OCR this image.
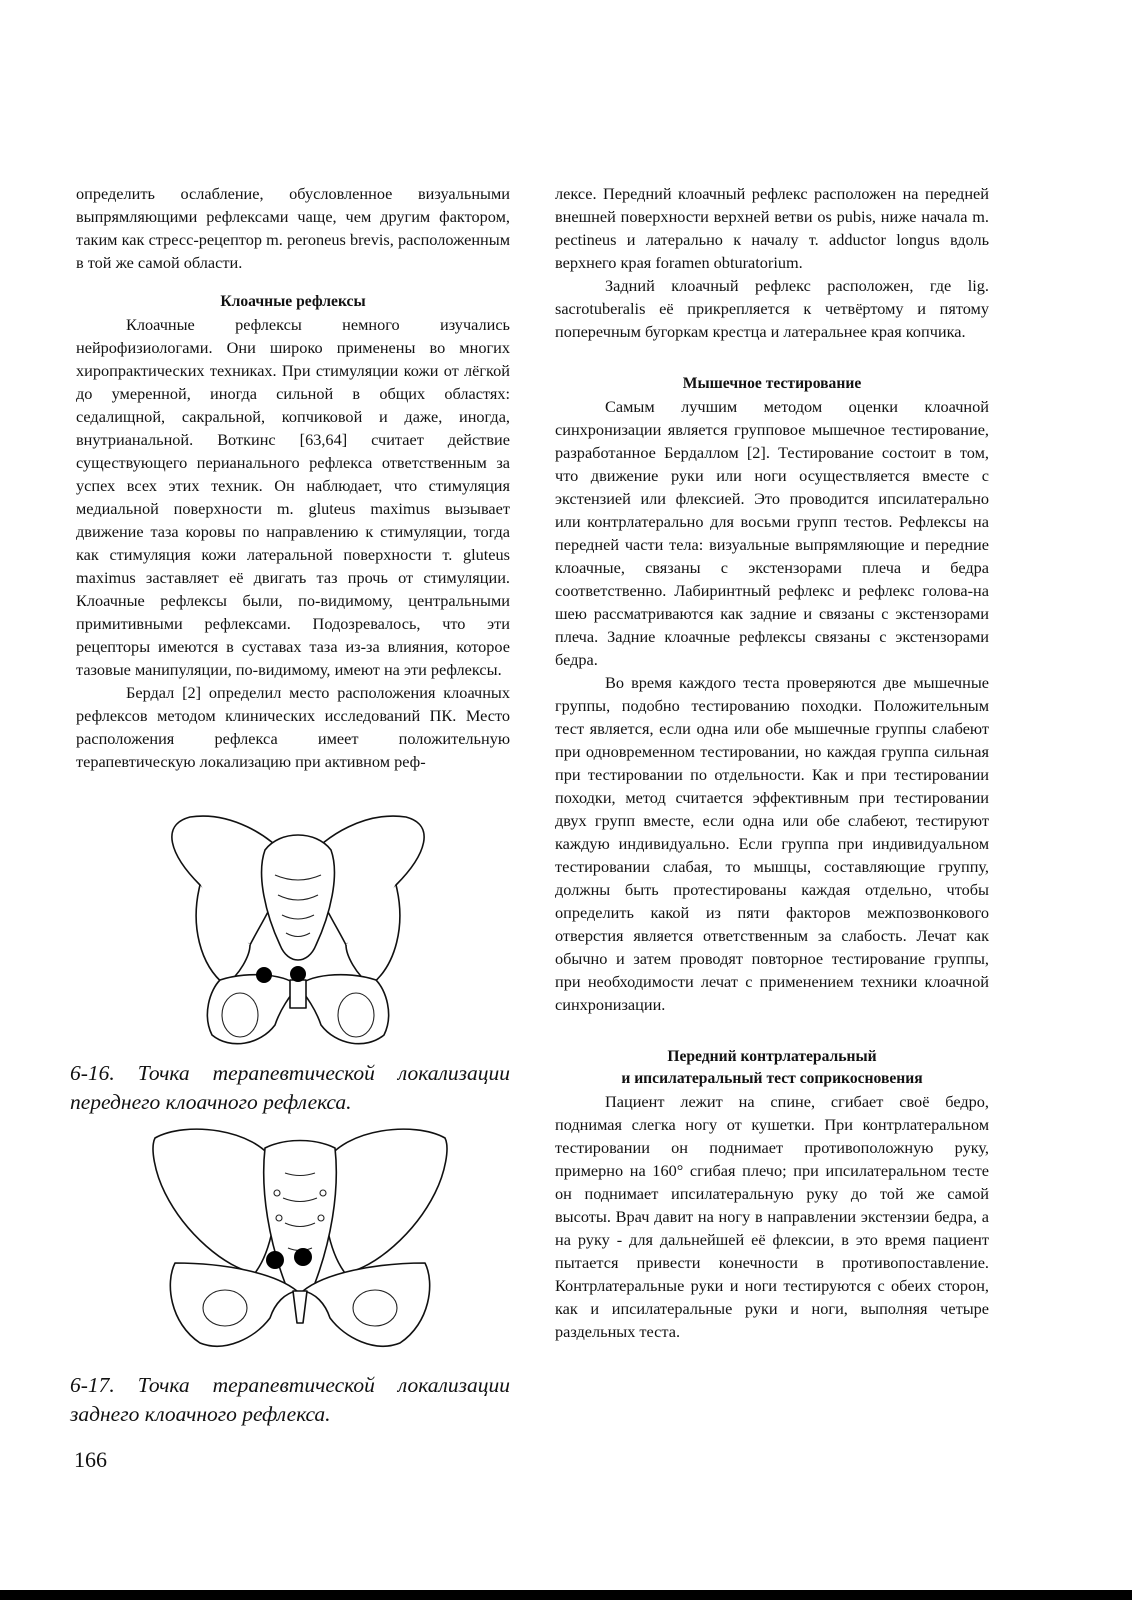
определить ослабление, обусловленное визуальными выпрямляющими рефлексами чаще, чем другим фактором, таким как стресс-рецептор m. peroneus brevis, расположенным в той же самой области.

Клоачные рефлексы

Клоачные рефлексы немного изучались нейрофизиологами. Они широко применены во многих хиропрактических техниках. При стимуляции кожи от лёгкой до умеренной, иногда сильной в общих областях: седалищной, сакральной, копчиковой и даже, иногда, внутрианальной. Воткинс [63,64] считает действие существующего перианального рефлекса ответственным за успех всех этих техник. Он наблюдает, что стимуляция медиальной поверхности m. gluteus maximus вызывает движение таза коровы по направлению к стимуляции, тогда как стимуляция кожи латеральной поверхности т. gluteus maximus заставляет её двигать таз прочь от стимуляции. Клоачные рефлексы были, по-видимому, центральными примитивными рефлексами. Подозревалось, что эти рецепторы имеются в суставах таза из-за влияния, которое тазовые манипуляции, по-видимому, имеют на эти рефлексы.

Бердал [2] определил место расположения клоачных рефлексов методом клинических исследований ПК. Место расположения рефлекса имеет положительную терапевтическую локализацию при активном реф-

лексе. Передний клоачный рефлекс расположен на передней внешней поверхности верхней ветви os pubis, ниже начала m. pectineus и латерально к началу т. adductor longus вдоль верхнего края foramen obturatorium.

Задний клоачный рефлекс расположен, где lig. sacrotuberalis её прикрепляется к четвёртому и пятому поперечным бугоркам крестца и латеральнее края копчика.

Мышечное тестирование

Самым лучшим методом оценки клоачной синхронизации является групповое мышечное тестирование, разработанное Бердаллом [2]. Тестирование состоит в том, что движение руки или ноги осуществляется вместе с экстензией или флексией. Это проводится ипсилатерально или контрлатерально для восьми групп тестов. Рефлексы на передней части тела: визуальные выпрямляющие и передние клоачные, связаны с экстензорами плеча и бедра соответственно. Лабиринтный рефлекс и рефлекс голова-на шею рассматриваются как задние и связаны с экстензорами плеча. Задние клоачные рефлексы связаны с экстензорами бедра.

Во время каждого теста проверяются две мышечные группы, подобно тестированию походки. Положительным тест является, если одна или обе мышечные группы слабеют при одновременном тестировании, но каждая группа сильная при тестировании по отдельности. Как и при тестировании походки, метод считается эффективным при тестировании двух групп вместе, если одна или обе слабеют, тестируют каждую индивидуально. Если группа при индивидуальном тестировании слабая, то мышцы, составляющие группу, должны быть протестированы каждая отдельно, чтобы определить какой из пяти факторов межпозвонкового отверстия является ответственным за слабость. Лечат как обычно и затем проводят повторное тестирование группы, при необходимости лечат с применением техники клоачной синхронизации.

Передний контрлатеральный

и ипсилатеральный тест соприкосновения

Пациент лежит на спине, сгибает своё бедро, поднимая слегка ногу от кушетки. При контрлатеральном тестировании он поднимает противоположную руку, примерно на 160° сгибая плечо; при ипсилатеральном тесте он поднимает ипсилатеральную руку до той же самой высоты. Врач давит на ногу в направлении экстензии бедра, а на руку - для дальнейшей её флексии, в это время пациент пытается привести конечности в противопоставление. Контрлатеральные руки и ноги тестируются с обеих сторон, как и ипсилатеральные руки и ноги, выполняя четыре раздельных теста.

6-16. Точка терапевтической локализации переднего клоачного рефлекса.
6-17. Точка терапевтической локализации заднего клоачного рефлекса.
166
